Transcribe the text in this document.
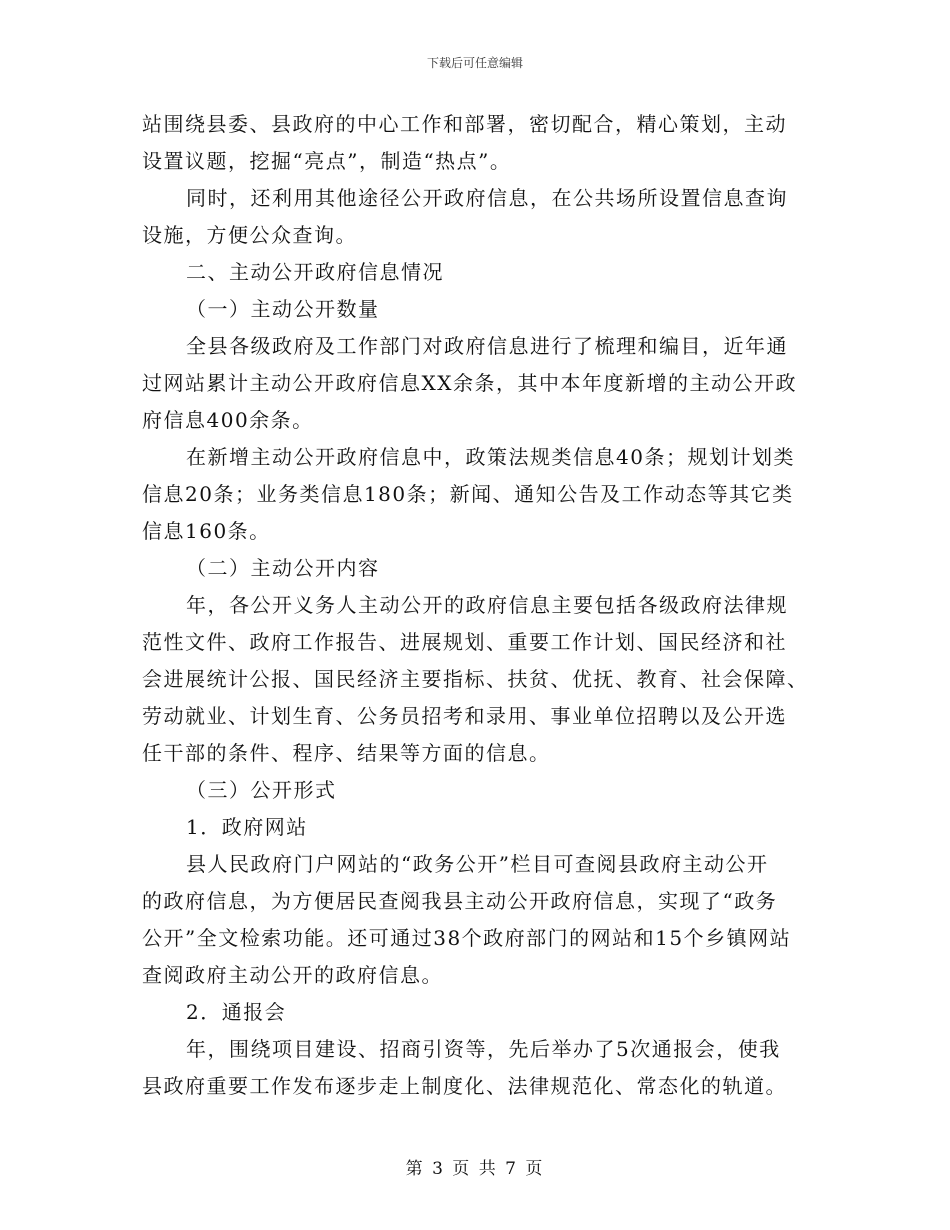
下载后可任意编辑
站围绕县委、县政府的中心工作和部署，密切配合，精心策划，主动
设置议题，挖掘“亮点”，制造“热点”。
同时，还利用其他途径公开政府信息，在公共场所设置信息查询
设施，方便公众查询。
二、主动公开政府信息情况
（一）主动公开数量
全县各级政府及工作部门对政府信息进行了梳理和编目，近年通
过网站累计主动公开政府信息XX余条，其中本年度新增的主动公开政
府信息400余条。
在新增主动公开政府信息中，政策法规类信息40条；规划计划类
信息20条；业务类信息180条；新闻、通知公告及工作动态等其它类
信息160条。
（二）主动公开内容
年，各公开义务人主动公开的政府信息主要包括各级政府法律规
范性文件、政府工作报告、进展规划、重要工作计划、国民经济和社
会进展统计公报、国民经济主要指标、扶贫、优抚、教育、社会保障、
劳动就业、计划生育、公务员招考和录用、事业单位招聘以及公开选
任干部的条件、程序、结果等方面的信息。
（三）公开形式
1．政府网站
县人民政府门户网站的“政务公开”栏目可查阅县政府主动公开
的政府信息，为方便居民查阅我县主动公开政府信息，实现了“政务
公开”全文检索功能。还可通过38个政府部门的网站和15个乡镇网站
查阅政府主动公开的政府信息。
2．通报会
年，围绕项目建设、招商引资等，先后举办了5次通报会，使我
县政府重要工作发布逐步走上制度化、法律规范化、常态化的轨道。
第 3 页 共 7 页
